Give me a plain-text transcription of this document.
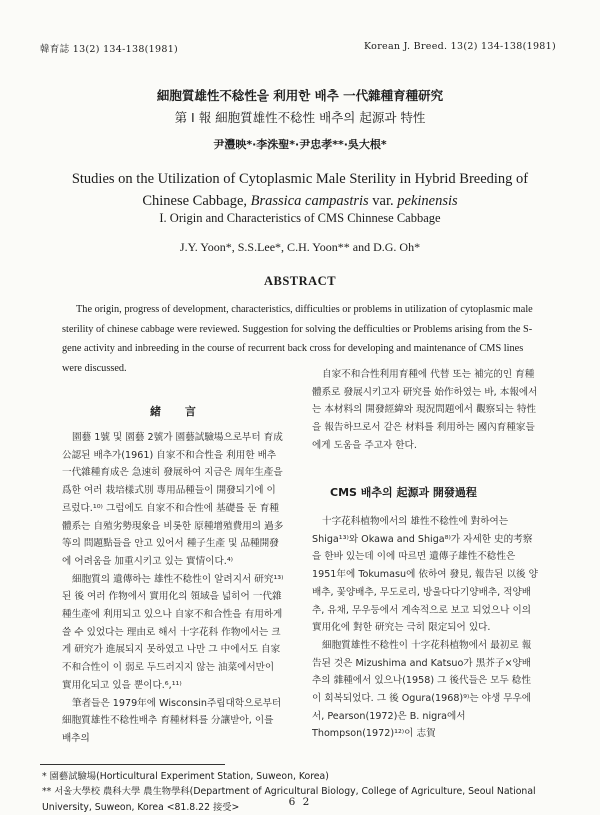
韓育誌 13(2) 134-138(1981)	Korean J. Breed. 13(2) 134-138(1981)
細胞質雄性不稔性을 利用한 배추 一代雜種育種研究
第 Ⅰ 報 細胞質雄性不稔性 배추의 起源과 特性
尹灃映*·李洙聖*·尹忠孝**·吳大根*
Studies on the Utilization of Cytoplasmic Male Sterility in Hybrid Breeding of
Chinese Cabbage, Brassica campastris var. pekinensis
I. Origin and Characteristics of CMS Chinnese Cabbage
J.Y. Yoon*, S.S.Lee*, C.H. Yoon** and D.G. Oh*
ABSTRACT

The origin, progress of development, characteristics, difficulties or problems in utilization of cytoplasmic male sterility of chinese cabbage were reviewed. Suggestion for solving the defficulties or Problems arising from the S-gene activity and inbreeding in the course of recurrent back cross for developing and maintenance of CMS lines were discussed.

緒 言

園藝 1號 및 園藝 2號가 園藝試驗場으로부터 育成公認된 배추가(1961) 自家不和合性을 利用한 배추 一代雜種育成은 急速히 發展하여 지금은 周年生產을 爲한 여러 栽培樣式別 專用品種들이 開發되기에 이르렀다.¹⁰⁾ 그럼에도 自家不和合性에 基礎를 둔 育種體系는 自殖劣勢現象을 비롯한 原種增殖費用의 過多等의 問題點들을 안고 있어서 種子生產 및 品種開發에 어려움을 加重시키고 있는 實情이다.⁴⁾

細胞質의 遺傳하는 雄性不稔性이 알려지서 研究¹³⁾된 後 여러 作物에서 實用化의 領域을 넓히어 一代雜種生產에 利用되고 있으나 自家不和合性을 有用하게 쓸 수 있었다는 理由로 해서 十字花科 作物에서는 크게 研究가 進展되지 못하였고 나만 그 中에서도 自家不和合性이 이 弱로 두드러지지 않는 油菜에서만이 實用化되고 있을 뿐이다.⁶,¹¹⁾

筆者들은 1979年에 Wisconsin주립대학으로부터 細胞質雄性不稔性배추 育種材料를 分讓받아, 이를 배추의

自家不和合性利用育種에 代替 또는 補完的인 育種體系로 發展시키고자 研究를 始作하였는 바, 本報에서는 本材料의 開發經緯와 現況問題에서 觀察되는 特性을 報告하므로서 같은 材料를 利用하는 國內育種家들에게 도움을 주고자 한다.

CMS 배추의 起源과 開發過程

十字花科植物에서의 雄性不稔性에 對하여는 Shiga¹³⁾와 Okawa and Shiga⁸⁾가 자세한 史的考察을 한바 있는데 이에 따르면 遺傳子雄性不稔性은 1951年에 Tokumasu에 依하여 發見, 報告된 以後 양배추, 꽃양배추, 무도로리, 방울다다기양배추, 적양배추, 유채, 무우등에서 계속적으로 보고 되었으나 이의 實用化에 對한 研究는 극히 限定되어 있다.

細胞質雄性不稔性이 十字花科植物에서 最初로 報告된 것은 Mizushima and Katsuo가 黑芥子×양배추의 雜種에서 있으나(1958) 그 後代들은 모두 稔性이 회복되었다. 그 後 Ogura(1968)⁹⁾는 야생 무우에서, Pearson(1972)은 B. nigra에서 Thompson(1972)¹²⁾이 志賀

* 園藝試驗場(Horticultural Experiment Station, Suweon, Korea)
** 서울大學校 農科大學 農生物學科(Department of Agricultural Biology, College of Agriculture, Seoul National University, Suweon, Korea <81.8.22 接受>	6 2
